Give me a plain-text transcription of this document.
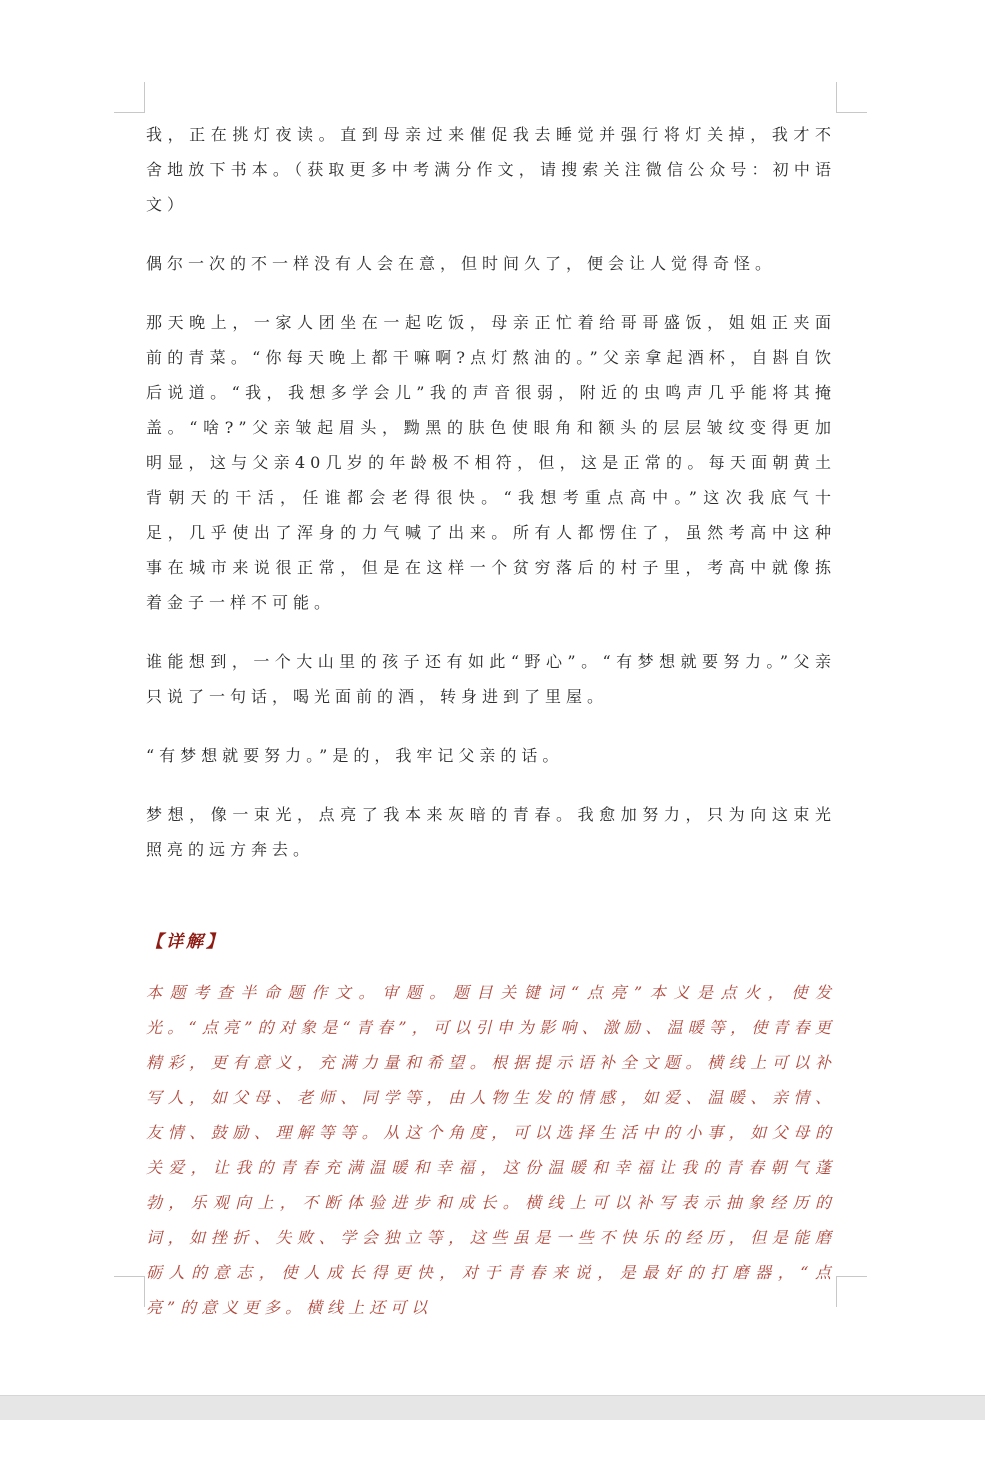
我，正在挑灯夜读。直到母亲过来催促我去睡觉并强行将灯关掉，我才不舍地放下书本。（获取更多中考满分作文，请搜索关注微信公众号：初中语文）

偶尔一次的不一样没有人会在意，但时间久了，便会让人觉得奇怪。

那天晚上，一家人团坐在一起吃饭，母亲正忙着给哥哥盛饭，姐姐正夹面前的青菜。“你每天晚上都干嘛啊?点灯熬油的。”父亲拿起酒杯，自斟自饮后说道。“我，我想多学会儿”我的声音很弱，附近的虫鸣声几乎能将其掩盖。“啥?”父亲皱起眉头，黝黑的肤色使眼角和额头的层层皱纹变得更加明显，这与父亲40几岁的年龄极不相符，但，这是正常的。每天面朝黄土背朝天的干活，任谁都会老得很快。“我想考重点高中。”这次我底气十足，几乎使出了浑身的力气喊了出来。所有人都愣住了，虽然考高中这种事在城市来说很正常，但是在这样一个贫穷落后的村子里，考高中就像拣着金子一样不可能。

谁能想到，一个大山里的孩子还有如此“野心”。“有梦想就要努力。”父亲只说了一句话，喝光面前的酒，转身进到了里屋。

“有梦想就要努力。”是的，我牢记父亲的话。

梦想，像一束光，点亮了我本来灰暗的青春。我愈加努力，只为向这束光照亮的远方奔去。

【详解】

本题考查半命题作文。审题。题目关键词“点亮”本义是点火，使发光。“点亮”的对象是“青春”，可以引申为影响、激励、温暖等，使青春更精彩，更有意义，充满力量和希望。根据提示语补全文题。横线上可以补写人，如父母、老师、同学等，由人物生发的情感，如爱、温暖、亲情、友情、鼓励、理解等等。从这个角度，可以选择生活中的小事，如父母的关爱，让我的青春充满温暖和幸福，这份温暖和幸福让我的青春朝气蓬勃，乐观向上，不断体验进步和成长。横线上可以补写表示抽象经历的词，如挫折、失败、学会独立等，这些虽是一些不快乐的经历，但是能磨砺人的意志，使人成长得更快，对于青春来说，是最好的打磨器，“点亮”的意义更多。横线上还可以
